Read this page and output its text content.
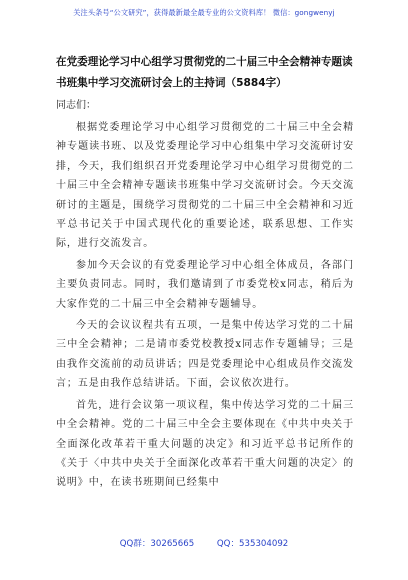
关注头条号“公文研究”，获得最新最全最专业的公文资料库！ 微信：gongwenyj
在党委理论学习中心组学习贯彻党的二十届三中全会精神专题读书班集中学习交流研讨会上的主持词（5884字）
同志们：

根据党委理论学习中心组学习贯彻党的二十届三中全会精神专题读书班、以及党委理论学习中心组集中学习交流研讨安排，今天，我们组织召开党委理论学习中心组学习贯彻党的二十届三中全会精神专题读书班集中学习交流研讨会。今天交流研讨的主题是，围绕学习贯彻党的二十届三中全会精神和习近平总书记关于中国式现代化的重要论述，联系思想、工作实际，进行交流发言。

参加今天会议的有党委理论学习中心组全体成员，各部门主要负责同志。同时，我们邀请到了市委党校x同志，稍后为大家作党的二十届三中全会精神专题辅导。

今天的会议议程共有五项，一是集中传达学习党的二十届三中全会精神；二是请市委党校教授x同志作专题辅导；三是由我作交流前的动员讲话；四是党委理论中心组成员作交流发言；五是由我作总结讲话。下面，会议依次进行。

首先，进行会议第一项议程，集中传达学习党的二十届三中全会精神。党的二十届三中全会主要体现在《中共中央关于全面深化改革若干重大问题的决定》和习近平总书记所作的《关于〈中共中央关于全面深化改革若干重大问题的决定〉的说明》中，在读书班期间已经集中

QQ群：30265665	QQ：535304092
